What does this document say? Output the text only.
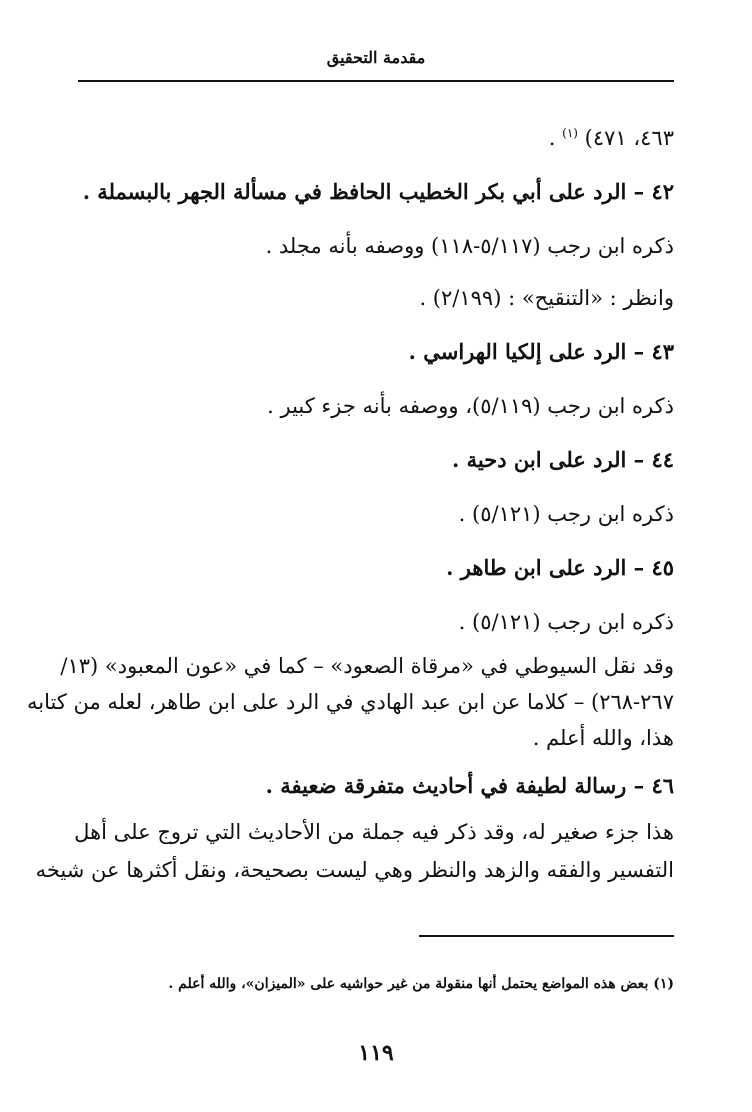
مقدمة التحقيق

٤٦٣، ٤٧١) $^{(١)}$ .

٤٢ – الرد على أبي بكر الخطيب الحافظ في مسألة الجهر بالبسملة .

ذكره ابن رجب (٥/١١٧-١١٨) ووصفه بأنه مجلد .

وانظر : «التنقيح» : (٢/١٩٩) .

٤٣ – الرد على إلكيا الهراسي .

ذكره ابن رجب (٥/١١٩)، ووصفه بأنه جزء كبير .

٤٤ – الرد على ابن دحية .

ذكره ابن رجب (٥/١٢١) .

٤٥ – الرد على ابن طاهر .

ذكره ابن رجب (٥/١٢١) .

وقد نقل السيوطي في «مرقاة الصعود» – كما في «عون المعبود» (١٣/

٢٦٧-٢٦٨) – كلاما عن ابن عبد الهادي في الرد على ابن طاهر، لعله من كتابه

هذا، والله أعلم .

٤٦ – رسالة لطيفة في أحاديث متفرقة ضعيفة .

هذا جزء صغير له، وقد ذكر فيه جملة من الأحاديث التي تروج على أهل

التفسير والفقه والزهد والنظر وهي ليست بصحيحة، ونقل أكثرها عن شيخه

(١) بعض هذه المواضع يحتمل أنها منقولة من غير حواشيه على «الميزان»، والله أعلم .
١١٩
